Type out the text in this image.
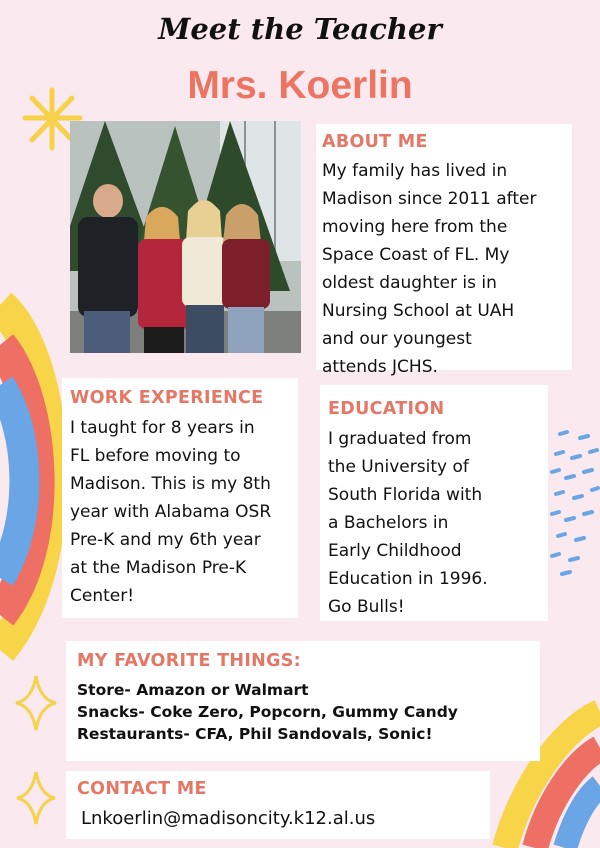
Meet the Teacher
Mrs. Koerlin
ABOUT ME

My family has lived in
Madison since 2011 after
moving here from the
Space Coast of FL. My
oldest daughter is in
Nursing School at UAH
and our youngest
attends JCHS.

WORK EXPERIENCE

I taught for 8 years in
FL before moving to
Madison. This is my 8th
year with Alabama OSR
Pre-K and my 6th year
at the Madison Pre-K
Center!

EDUCATION

I graduated from
the University of
South Florida with
a Bachelors in
Early Childhood
Education in 1996.
Go Bulls!

MY FAVORITE THINGS:
Store- Amazon or Walmart
Snacks- Coke Zero, Popcorn, Gummy Candy
Restaurants- CFA, Phil Sandovals, Sonic!
CONTACT ME

Lnkoerlin@madisoncity.k12.al.us
